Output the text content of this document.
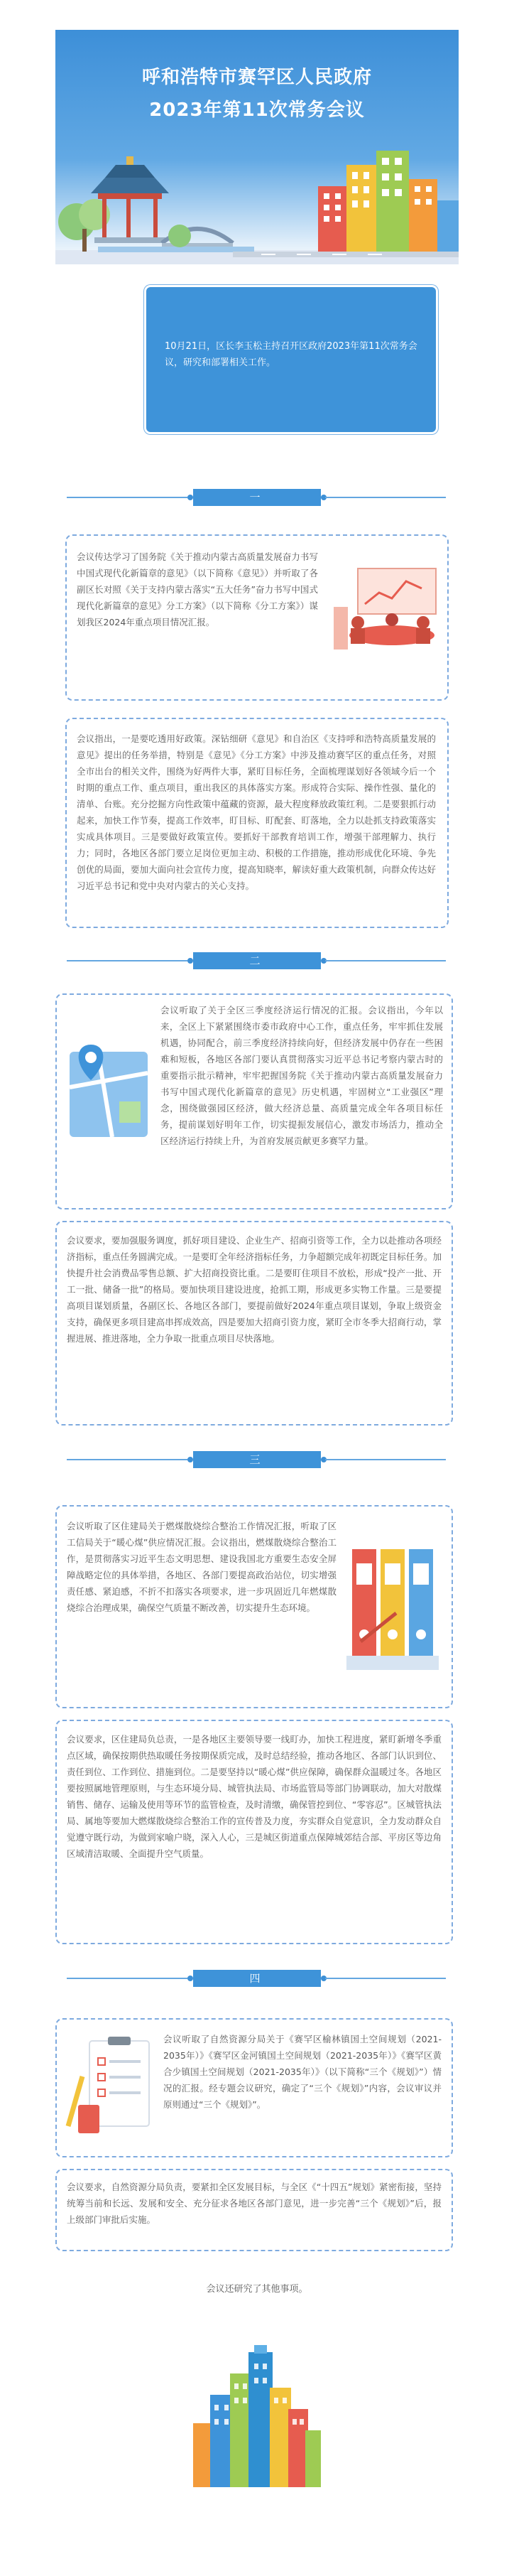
呼和浩特市赛罕区人民政府
2023年第11次常务会议
10月21日，区长李玉松主持召开区政府2023年第11次常务会议，研究和部署相关工作。
一
会议传达学习了国务院《关于推动内蒙古高质量发展奋力书写中国式现代化新篇章的意见》（以下简称《意见》）并听取了各副区长对照《关于支持内蒙古落实“五大任务”奋力书写中国式现代化新篇章的意见》分工方案》（以下简称《分工方案》）谋划我区2024年重点项目情况汇报。
会议指出，一是要吃透用好政策。深钻细研《意见》和自治区《支持呼和浩特高质量发展的意见》提出的任务举措，特别是《意见》《分工方案》中涉及推动赛罕区的重点任务，对照全市出台的相关文件，围绕为好两件大事，紧盯目标任务，全面梳理谋划好各领域今后一个时期的重点工作、重点项目，重出我区的具体落实方案。形成符合实际、操作性强、量化的清单、台账。充分挖掘方向性政策中蕴藏的资源，最大程度释放政策红利。二是要狠抓行动起来，加快工作节奏，提高工作效率，盯目标、盯配套、盯落地，全力以赴抓支持政策落实实成具体项目。三是要做好政策宣传。要抓好干部教育培训工作，增强干部理解力、执行力；同时，各地区各部门要立足岗位更加主动、积极的工作措施，推动形成优化环境、争先创优的局面，要加大面向社会宣传力度，提高知晓率，解读好重大政策机制，向群众传达好习近平总书记和党中央对内蒙古的关心支持。
二
会议听取了关于全区三季度经济运行情况的汇报。会议指出，今年以来，全区上下紧紧围绕市委市政府中心工作，重点任务，牢牢抓住发展机遇，协同配合，前三季度经济持续向好，但经济发展中仍存在一些困难和短板，各地区各部门要认真贯彻落实习近平总书记考察内蒙古时的重要指示批示精神，牢牢把握国务院《关于推动内蒙古高质量发展奋力书写中国式现代化新篇章的意见》历史机遇，牢固树立“工业强区”理念，围绕做强园区经济，做大经济总量、高质量完成全年各项目标任务，提前谋划好明年工作，切实提振发展信心，激发市场活力，推动全区经济运行持续上升，为首府发展贡献更多赛罕力量。
会议要求，要加强服务调度，抓好项目建设、企业生产、招商引资等工作，全力以赴推动各项经济指标，重点任务圆满完成。一是要盯全年经济指标任务，力争超额完成年初既定目标任务。加快提升社会消费品零售总额、扩大招商投资比重。二是要盯住项目不放松，形成“投产一批、开工一批、储备一批”的格局。要加快项目建设进度，抢抓工期，形成更多实物工作量。三是要提高项目谋划质量，各副区长、各地区各部门，要提前做好2024年重点项目谋划，争取上级资金支持，确保更多项目建高串挥成效高，四是要加大招商引资力度，紧盯全市冬季大招商行动，掌握进展、推进落地，全力争取一批重点项目尽快落地。
三
会议听取了区住建局关于燃煤散烧综合整治工作情况汇报，听取了区工信局关于“暖心煤”供应情况汇报。会议指出，燃煤散烧综合整治工作，是贯彻落实习近平生态文明思想、建设我国北方重要生态安全屏障战略定位的具体举措，各地区、各部门要提高政治站位，切实增强责任感、紧迫感，不折不扣落实各项要求，进一步巩固近几年燃煤散烧综合治理成果，确保空气质量不断改善，切实提升生态环境。
会议要求，区住建局负总责，一是各地区主要领导要一线盯办，加快工程进度，紧盯新增冬季重点区域，确保按期供热取暖任务按期保质完成，及时总结经验，推动各地区、各部门认识到位、责任到位、工作到位、措施到位。二是要坚持以“暖心煤”供应保障，确保群众温暖过冬。各地区要按照属地管理原则，与生态环境分局、城管执法局、市场监管局等部门协调联动，加大对散煤销售、储存、运输及使用等环节的监管检查，及时清缴，确保管控到位、“零容忍”。区城管执法局、属地等要加大燃煤散烧综合整治工作的宣传普及力度，夯实群众自觉意识，全力发动群众自觉遵守既行动，为做到家喻户晓，深入人心，三是城区街道重点保障城郊结合部、平房区等边角区域清洁取暖、全面提升空气质量。
四
会议听取了自然资源分局关于《赛罕区榆林镇国土空间规划（2021-2035年）》《赛罕区金河镇国土空间规划（2021-2035年）》《赛罕区黄合少镇国土空间规划（2021-2035年）》（以下简称“三个《规划》”）情况的汇报。经专题会议研究，确定了“三个《规划》”内容，会议审议并原则通过“三个《规划》”。
会议要求，自然资源分局负责，要紧扣全区发展目标，与全区《“十四五”规划》紧密衔接，坚持统筹当前和长远、发展和安全、充分征求各地区各部门意见，进一步完善“三个《规划》”后，报上级部门审批后实施。
会议还研究了其他事项。
